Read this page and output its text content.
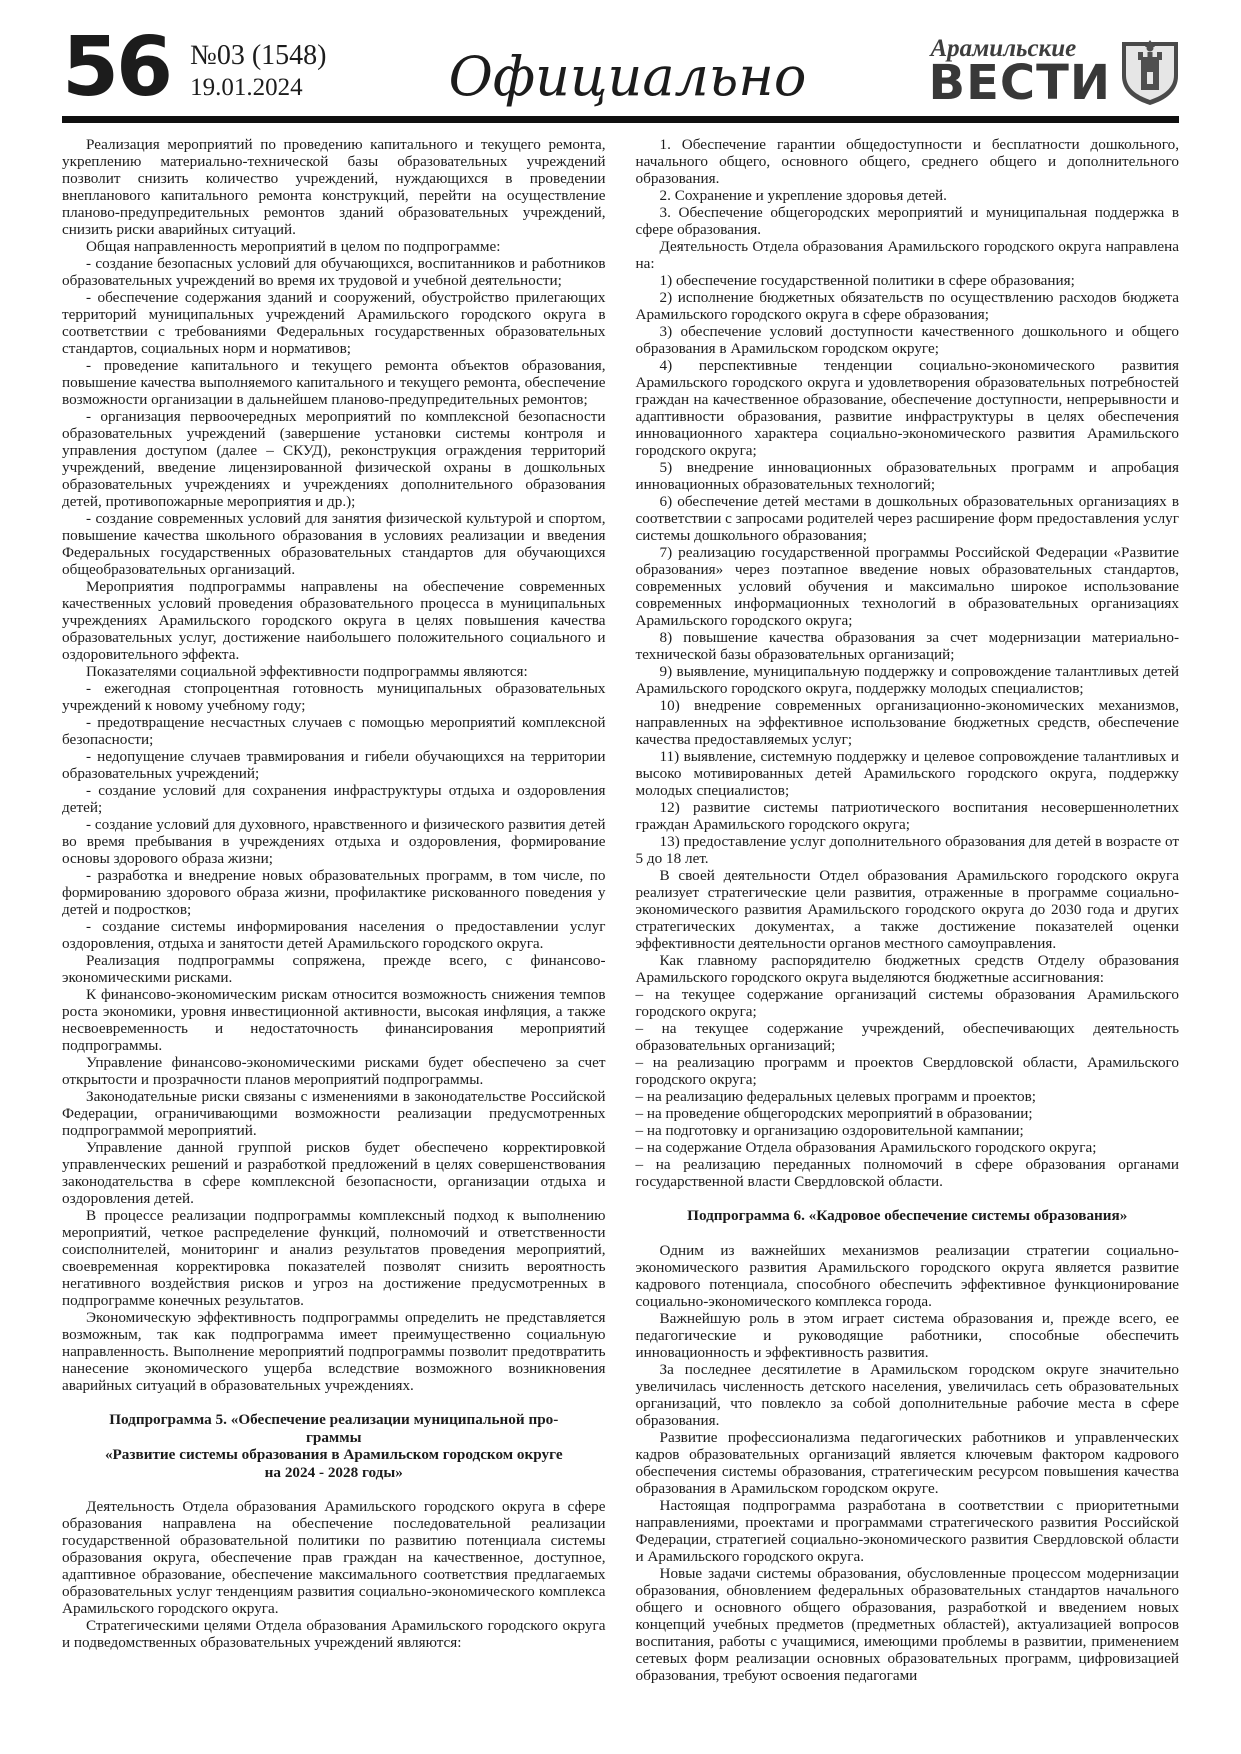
56 №03 (1548)
19.01.2024	Официально	Арамильские
ВЕСТИ

Реализация мероприятий по проведению капитального и текущего ремонта, укреплению материально-технической базы образовательных учреждений позволит снизить количество учреждений, нуждающихся в проведении внепланового капитального ремонта конструкций, перейти на осуществление планово-предупредительных ремонтов зданий образовательных учреждений, снизить риски аварийных ситуаций.

Общая направленность мероприятий в целом по подпрограмме:

- создание безопасных условий для обучающихся, воспитанников и работников образовательных учреждений во время их трудовой и учебной деятельности;

- обеспечение содержания зданий и сооружений, обустройство прилегающих территорий муниципальных учреждений Арамильского городского округа в соответствии с требованиями Федеральных государственных образовательных стандартов, социальных норм и нормативов;

- проведение капитального и текущего ремонта объектов образования, повышение качества выполняемого капитального и текущего ремонта, обеспечение возможности организации в дальнейшем планово-предупредительных ремонтов;

- организация первоочередных мероприятий по комплексной безопасности образовательных учреждений (завершение установки системы контроля и управления доступом (далее – СКУД), реконструкция ограждения территорий учреждений, введение лицензированной физической охраны в дошкольных образовательных учреждениях и учреждениях дополнительного образования детей, противопожарные мероприятия и др.);

- создание современных условий для занятия физической культурой и спортом, повышение качества школьного образования в условиях реализации и введения Федеральных государственных образовательных стандартов для обучающихся общеобразовательных организаций.

Мероприятия подпрограммы направлены на обеспечение современных качественных условий проведения образовательного процесса в муниципальных учреждениях Арамильского городского округа в целях повышения качества образовательных услуг, достижение наибольшего положительного социального и оздоровительного эффекта.

Показателями социальной эффективности подпрограммы являются:

- ежегодная стопроцентная готовность муниципальных образовательных учреждений к новому учебному году;

- предотвращение несчастных случаев с помощью мероприятий комплексной безопасности;

- недопущение случаев травмирования и гибели обучающихся на территории образовательных учреждений;

- создание условий для сохранения инфраструктуры отдыха и оздоровления детей;

- создание условий для духовного, нравственного и физического развития детей во время пребывания в учреждениях отдыха и оздоровления, формирование основы здорового образа жизни;

- разработка и внедрение новых образовательных программ, в том числе, по формированию здорового образа жизни, профилактике рискованного поведения у детей и подростков;

- создание системы информирования населения о предоставлении услуг оздоровления, отдыха и занятости детей Арамильского городского округа.

Реализация подпрограммы сопряжена, прежде всего, с финансово-экономическими рисками.

К финансово-экономическим рискам относится возможность снижения темпов роста экономики, уровня инвестиционной активности, высокая инфляция, а также несвоевременность и недостаточность финансирования мероприятий подпрограммы.

Управление финансово-экономическими рисками будет обеспечено за счет открытости и прозрачности планов мероприятий подпрограммы.

Законодательные риски связаны с изменениями в законодательстве Российской Федерации, ограничивающими возможности реализации предусмотренных подпрограммой мероприятий.

Управление данной группой рисков будет обеспечено корректировкой управленческих решений и разработкой предложений в целях совершенствования законодательства в сфере комплексной безопасности, организации отдыха и оздоровления детей.

В процессе реализации подпрограммы комплексный подход к выполнению мероприятий, четкое распределение функций, полномочий и ответственности соисполнителей, мониторинг и анализ результатов проведения мероприятий, своевременная корректировка показателей позволят снизить вероятность негативного воздействия рисков и угроз на достижение предусмотренных в подпрограмме конечных результатов.

Экономическую эффективность подпрограммы определить не представляется возможным, так как подпрограмма имеет преимущественно социальную направленность. Выполнение мероприятий подпрограммы позволит предотвратить нанесение экономического ущерба вследствие возможного возникновения аварийных ситуаций в образовательных учреждениях.

Подпрограмма 5. «Обеспечение реализации муниципальной про-
граммы
«Развитие системы образования в Арамильском городском округе
на 2024 - 2028 годы»

Деятельность Отдела образования Арамильского городского округа в сфере образования направлена на обеспечение последовательной реализации государственной образовательной политики по развитию потенциала системы образования округа, обеспечение прав граждан на качественное, доступное, адаптивное образование, обеспечение максимального соответствия предлагаемых образовательных услуг тенденциям развития социально-экономического комплекса Арамильского городского округа.

Стратегическими целями Отдела образования Арамильского городского округа и подведомственных образовательных учреждений являются:

1. Обеспечение гарантии общедоступности и бесплатности дошкольного, начального общего, основного общего, среднего общего и дополнительного образования.

2. Сохранение и укрепление здоровья детей.

3. Обеспечение общегородских мероприятий и муниципальная поддержка в сфере образования.

Деятельность Отдела образования Арамильского городского округа направлена на:

1) обеспечение государственной политики в сфере образования;

2) исполнение бюджетных обязательств по осуществлению расходов бюджета Арамильского городского округа в сфере образования;

3) обеспечение условий доступности качественного дошкольного и общего образования в Арамильском городском округе;

4) перспективные тенденции социально-экономического развития Арамильского городского округа и удовлетворения образовательных потребностей граждан на качественное образование, обеспечение доступности, непрерывности и адаптивности образования, развитие инфраструктуры в целях обеспечения инновационного характера социально-экономического развития Арамильского городского округа;

5) внедрение инновационных образовательных программ и апробация инновационных образовательных технологий;

6) обеспечение детей местами в дошкольных образовательных организациях в соответствии с запросами родителей через расширение форм предоставления услуг системы дошкольного образования;

7) реализацию государственной программы Российской Федерации «Развитие образования» через поэтапное введение новых образовательных стандартов, современных условий обучения и максимально широкое использование современных информационных технологий в образовательных организациях Арамильского городского округа;

8) повышение качества образования за счет модернизации материально-технической базы образовательных организаций;

9) выявление, муниципальную поддержку и сопровождение талантливых детей Арамильского городского округа, поддержку молодых специалистов;

10) внедрение современных организационно-экономических механизмов, направленных на эффективное использование бюджетных средств, обеспечение качества предоставляемых услуг;

11) выявление, системную поддержку и целевое сопровождение талантливых и высоко мотивированных детей Арамильского городского округа, поддержку молодых специалистов;

12) развитие системы патриотического воспитания несовершеннолетних граждан Арамильского городского округа;

13) предоставление услуг дополнительного образования для детей в возрасте от 5 до 18 лет.

В своей деятельности Отдел образования Арамильского городского округа реализует стратегические цели развития, отраженные в программе социально-экономического развития Арамильского городского округа до 2030 года и других стратегических документах, а также достижение показателей оценки эффективности деятельности органов местного самоуправления.

Как главному распорядителю бюджетных средств Отделу образования Арамильского городского округа выделяются бюджетные ассигнования:

– на текущее содержание организаций системы образования Арамильского городского округа;

– на текущее содержание учреждений, обеспечивающих деятельность образовательных организаций;

– на реализацию программ и проектов Свердловской области, Арамильского городского округа;

– на реализацию федеральных целевых программ и проектов;

– на проведение общегородских мероприятий в образовании;

– на подготовку и организацию оздоровительной кампании;

– на содержание Отдела образования Арамильского городского округа;

– на реализацию переданных полномочий в сфере образования органами государственной власти Свердловской области.

Подпрограмма 6. «Кадровое обеспечение системы образования»

Одним из важнейших механизмов реализации стратегии социально-экономического развития Арамильского городского округа является развитие кадрового потенциала, способного обеспечить эффективное функционирование социально-экономического комплекса города.

Важнейшую роль в этом играет система образования и, прежде всего, ее педагогические и руководящие работники, способные обеспечить инновационность и эффективность развития.

За последнее десятилетие в Арамильском городском округе значительно увеличилась численность детского населения, увеличилась сеть образовательных организаций, что повлекло за собой дополнительные рабочие места в сфере образования.

Развитие профессионализма педагогических работников и управленческих кадров образовательных организаций является ключевым фактором кадрового обеспечения системы образования, стратегическим ресурсом повышения качества образования в Арамильском городском округе.

Настоящая подпрограмма разработана в соответствии с приоритетными направлениями, проектами и программами стратегического развития Российской Федерации, стратегией социально-экономического развития Свердловской области и Арамильского городского округа.

Новые задачи системы образования, обусловленные процессом модернизации образования, обновлением федеральных образовательных стандартов начального общего и основного общего образования, разработкой и введением новых концепций учебных предметов (предметных областей), актуализацией вопросов воспитания, работы с учащимися, имеющими проблемы в развитии, применением сетевых форм реализации основных образовательных программ, цифровизацией образования, требуют освоения педагогами
